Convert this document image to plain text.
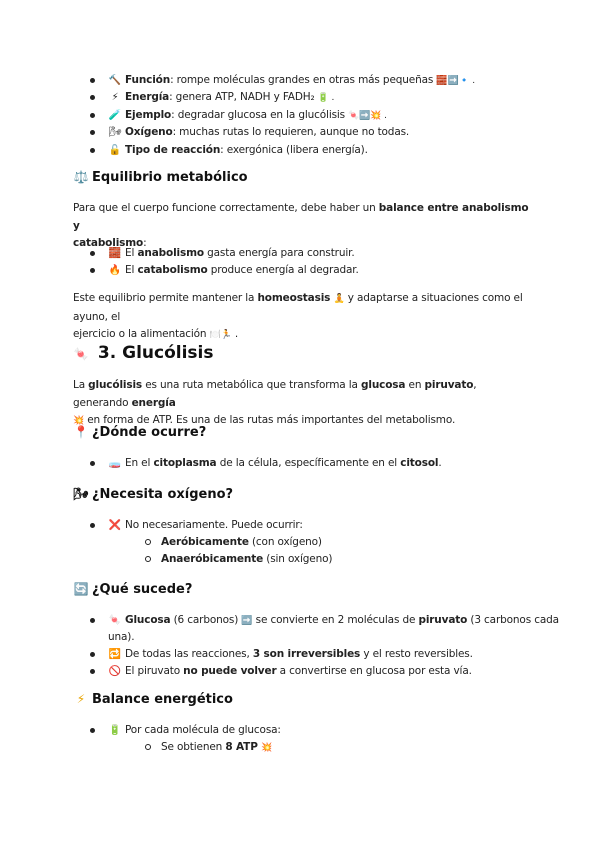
🔨 Función: rompe moléculas grandes en otras más pequeñas 🧱➡️🔹 .
⚡ Energía: genera ATP, NADH y FADH₂ 🔋 .
🧪 Ejemplo: degradar glucosa en la glucólisis 🍬➡️💥 .
🌬 Oxígeno: muchas rutas lo requieren, aunque no todas.
🔓 Tipo de reacción: exergónica (libera energía).
⚖️ Equilibrio metabólico
Para que el cuerpo funcione correctamente, debe haber un balance entre anabolismo y
catabolismo:
🧱 El anabolismo gasta energía para construir.
🔥 El catabolismo produce energía al degradar.
Este equilibrio permite mantener la homeostasis 🧘 y adaptarse a situaciones como el ayuno, el
ejercicio o la alimentación 🍽️🏃 .
🍬 3. Glucólisis
La glucólisis es una ruta metabólica que transforma la glucosa en piruvato, generando energía
💥 en forma de ATP. Es una de las rutas más importantes del metabolismo.
📍 ¿Dónde ocurre?
🧫 En el citoplasma de la célula, específicamente en el citosol.
🌬 ¿Necesita oxígeno?
❌ No necesariamente. Puede ocurrir:
Aeróbicamente (con oxígeno)
Anaeróbicamente (sin oxígeno)
🔄 ¿Qué sucede?
🍬 Glucosa (6 carbonos) ➡️ se convierte en 2 moléculas de piruvato (3 carbonos cada
una).
🔁 De todas las reacciones, 3 son irreversibles y el resto reversibles.
🚫 El piruvato no puede volver a convertirse en glucosa por esta vía.
⚡ Balance energético
🔋 Por cada molécula de glucosa:
Se obtienen 8 ATP 💥
